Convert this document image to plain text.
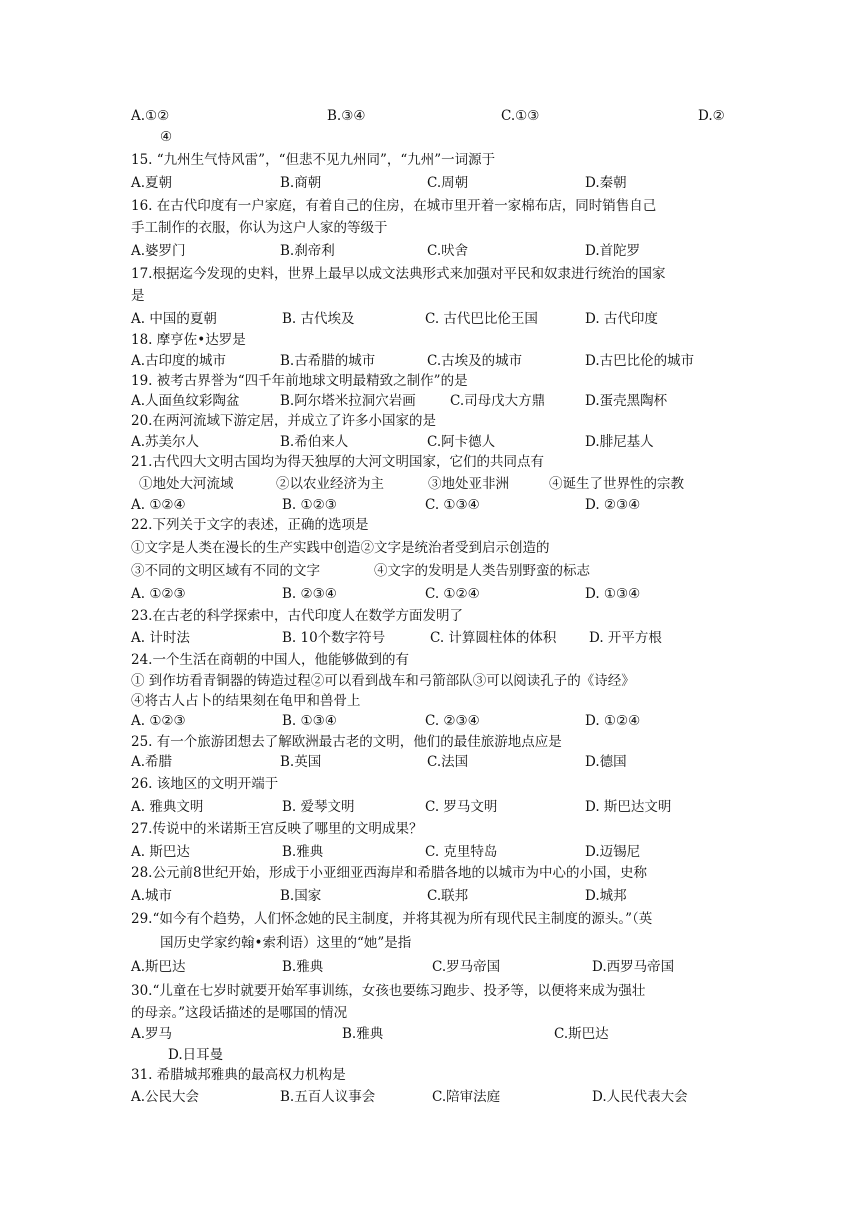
A.①②	B.③④	C.①③	D.②
④
15. “九州生气恃风雷”，“但悲不见九州同”，“九州”一词源于
A.夏朝	B.商朝	C.周朝	D.秦朝
16. 在古代印度有一户家庭，有着自己的住房，在城市里开着一家棉布店，同时销售自己
手工制作的衣服，你认为这户人家的等级于
A.婆罗门	B.刹帝利	C.吠舍	D.首陀罗
17.根据迄今发现的史料，世界上最早以成文法典形式来加强对平民和奴隶进行统治的国家
是
A. 中国的夏朝	B. 古代埃及	C. 古代巴比伦王国	D. 古代印度
18. 摩亨佐•达罗是
A.古印度的城市	B.古希腊的城市	C.古埃及的城市	D.古巴比伦的城市
19. 被考古界誉为“四千年前地球文明最精致之制作”的是
A.人面鱼纹彩陶盆	B.阿尔塔米拉洞穴岩画	C.司母戊大方鼎	D.蛋壳黑陶杯
20.在两河流域下游定居，并成立了许多小国家的是
A.苏美尔人	B.希伯来人	C.阿卡德人	D.腓尼基人
21.古代四大文明古国均为得天独厚的大河文明国家，它们的共同点有
①地处大河流域	②以农业经济为主	③地处亚非洲	④诞生了世界性的宗教
A. ①②④	B. ①②③	C. ①③④	D. ②③④
22.下列关于文字的表述，正确的选项是
①文字是人类在漫长的生产实践中创造②文字是统治者受到启示创造的
③不同的文明区域有不同的文字	④文字的发明是人类告别野蛮的标志
A. ①②③	B. ②③④	C. ①②④	D. ①③④
23.在古老的科学探索中，古代印度人在数学方面发明了
A. 计时法	B. 10个数字符号	C. 计算圆柱体的体积 D. 开平方根
24.一个生活在商朝的中国人，他能够做到的有
① 到作坊看青铜器的铸造过程②可以看到战车和弓箭部队③可以阅读孔子的《诗经》
④将古人占卜的结果刻在龟甲和兽骨上
A. ①②③	B. ①③④	C. ②③④	D. ①②④
25. 有一个旅游团想去了解欧洲最古老的文明，他们的最佳旅游地点应是
A.希腊	B.英国	C.法国	D.德国
26. 该地区的文明开端于
A. 雅典文明	B. 爱琴文明	C. 罗马文明	D. 斯巴达文明
27.传说中的米诺斯王宫反映了哪里的文明成果？
A. 斯巴达	B.雅典	C. 克里特岛	D.迈锡尼
28.公元前8世纪开始，形成于小亚细亚西海岸和希腊各地的以城市为中心的小国，史称
A.城市	B.国家	C.联邦	D.城邦
29.“如今有个趋势，人们怀念她的民主制度，并将其视为所有现代民主制度的源头。”（英
国历史学家约翰•索利语）这里的“她”是指
A.斯巴达	B.雅典	C.罗马帝国	D.西罗马帝国
30.“儿童在七岁时就要开始军事训练，女孩也要练习跑步、投矛等，以便将来成为强壮
的母亲。”这段话描述的是哪国的情况
A.罗马	B.雅典	C.斯巴达
D.日耳曼
31. 希腊城邦雅典的最高权力机构是
A.公民大会	B.五百人议事会	C.陪审法庭	D.人民代表大会
